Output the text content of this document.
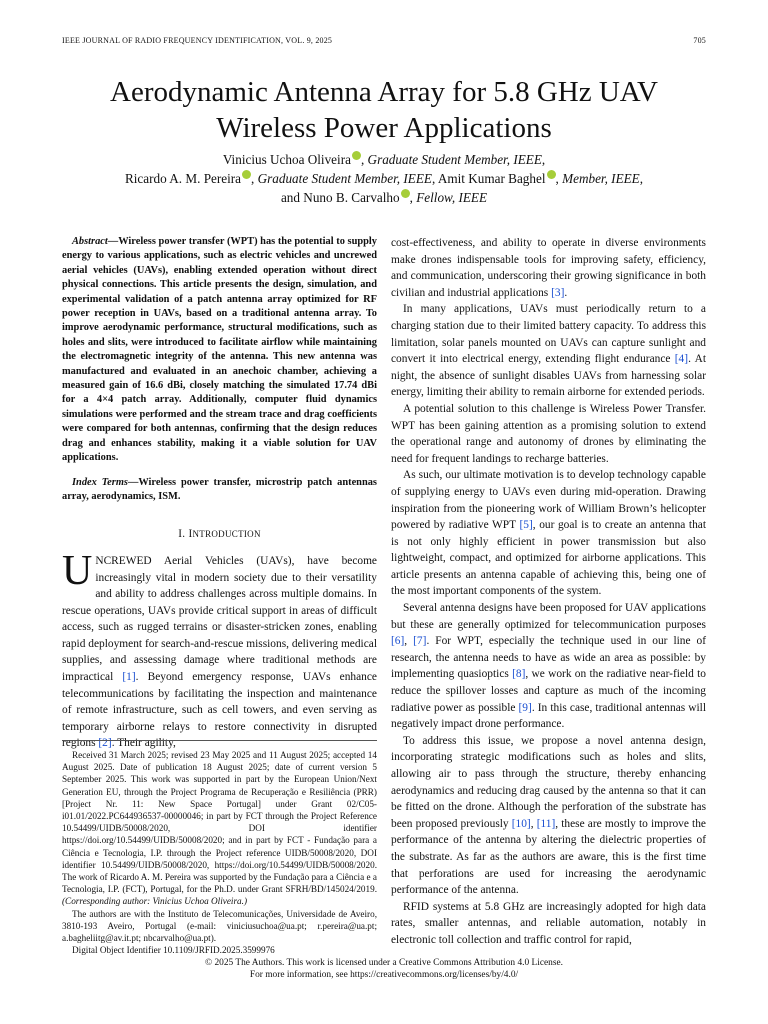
IEEE JOURNAL OF RADIO FREQUENCY IDENTIFICATION, VOL. 9, 2025	705
Aerodynamic Antenna Array for 5.8 GHz UAV
Wireless Power Applications
Vinicius Uchoa Oliveira , Graduate Student Member, IEEE,
Ricardo A. M. Pereira , Graduate Student Member, IEEE, Amit Kumar Baghel , Member, IEEE,
and Nuno B. Carvalho , Fellow, IEEE

Abstract—Wireless power transfer (WPT) has the potential to supply energy to various applications, such as electric vehicles and uncrewed aerial vehicles (UAVs), enabling extended operation without direct physical connections. This article presents the design, simulation, and experimental validation of a patch antenna array optimized for RF power reception in UAVs, based on a traditional antenna array. To improve aerodynamic performance, structural modifications, such as holes and slits, were introduced to facilitate airflow while maintaining the electromagnetic integrity of the antenna. This new antenna was manufactured and evaluated in an anechoic chamber, achieving a measured gain of 16.6 dBi, closely matching the simulated 17.74 dBi for a 4×4 patch array. Additionally, computer fluid dynamics simulations were performed and the stream trace and drag coefficients were compared for both antennas, confirming that the design reduces drag and enhances stability, making it a viable solution for UAV applications.

Index Terms—Wireless power transfer, microstrip patch antennas array, aerodynamics, ISM.

I. INTRODUCTION

UNCREWED Aerial Vehicles (UAVs), have become increasingly vital in modern society due to their versatility and ability to address challenges across multiple domains. In rescue operations, UAVs provide critical support in areas of difficult access, such as rugged terrains or disaster-stricken zones, enabling rapid deployment for search-and-rescue missions, delivering medical supplies, and assessing damage where traditional methods are impractical [1]. Beyond emergency response, UAVs enhance telecommunications by facilitating the inspection and maintenance of remote infrastructure, such as cell towers, and even serving as temporary airborne relays to restore connectivity in disrupted regions [2]. Their agility,

Received 31 March 2025; revised 23 May 2025 and 11 August 2025; accepted 14 August 2025. Date of publication 18 August 2025; date of current version 5 September 2025. This work was supported in part by the European Union/Next Generation EU, through the Project Programa de Recuperação e Resiliência (PRR) [Project Nr. 11: New Space Portugal] under Grant 02/C05-i01.01/2022.PC644936537-00000046; in part by FCT through the Project Reference 10.54499/UIDB/50008/2020, DOI identifier https://doi.org/10.54499/UIDB/50008/2020; and in part by FCT - Fundação para a Ciência e Tecnologia, I.P. through the Project reference UIDB/50008/2020, DOI identifier 10.54499/UIDB/50008/2020, https://doi.org/10.54499/UIDB/50008/2020. The work of Ricardo A. M. Pereira was supported by the Fundação para a Ciência e a Tecnologia, I.P. (FCT), Portugal, for the Ph.D. under Grant SFRH/BD/145024/2019. (Corresponding author: Vinicius Uchoa Oliveira.)

The authors are with the Instituto de Telecomunicações, Universidade de Aveiro, 3810-193 Aveiro, Portugal (e-mail: viniciusuchoa@ua.pt; r.pereira@ua.pt; a.bagheliitg@av.it.pt; nbcarvalho@ua.pt).

Digital Object Identifier 10.1109/JRFID.2025.3599976

cost-effectiveness, and ability to operate in diverse environments make drones indispensable tools for improving safety, efficiency, and communication, underscoring their growing significance in both civilian and industrial applications [3].

In many applications, UAVs must periodically return to a charging station due to their limited battery capacity. To address this limitation, solar panels mounted on UAVs can capture sunlight and convert it into electrical energy, extending flight endurance [4]. At night, the absence of sunlight disables UAVs from harnessing solar energy, limiting their ability to remain airborne for extended periods.

A potential solution to this challenge is Wireless Power Transfer. WPT has been gaining attention as a promising solution to extend the operational range and autonomy of drones by eliminating the need for frequent landings to recharge batteries.

As such, our ultimate motivation is to develop technology capable of supplying energy to UAVs even during mid-operation. Drawing inspiration from the pioneering work of William Brown’s helicopter powered by radiative WPT [5], our goal is to create an antenna that is not only highly efficient in power transmission but also lightweight, compact, and optimized for airborne applications. This article presents an antenna capable of achieving this, being one of the most important components of the system.

Several antenna designs have been proposed for UAV applications but these are generally optimized for telecommunication purposes [6], [7]. For WPT, especially the technique used in our line of research, the antenna needs to have as wide an area as possible: by implementing quasioptics [8], we work on the radiative near-field to reduce the spillover losses and capture as much of the incoming radiative power as possible [9]. In this case, traditional antennas will negatively impact drone performance.

To address this issue, we propose a novel antenna design, incorporating strategic modifications such as holes and slits, allowing air to pass through the structure, thereby enhancing aerodynamics and reducing drag caused by the antenna so that it can be fitted on the drone. Although the perforation of the substrate has been proposed previously [10], [11], these are mostly to improve the performance of the antenna by altering the dielectric properties of the substrate. As far as the authors are aware, this is the first time that perforations are used for increasing the aerodynamic performance of the antenna.

RFID systems at 5.8 GHz are increasingly adopted for high data rates, smaller antennas, and reliable automation, notably in electronic toll collection and traffic control for rapid,

© 2025 The Authors. This work is licensed under a Creative Commons Attribution 4.0 License.
For more information, see https://creativecommons.org/licenses/by/4.0/
